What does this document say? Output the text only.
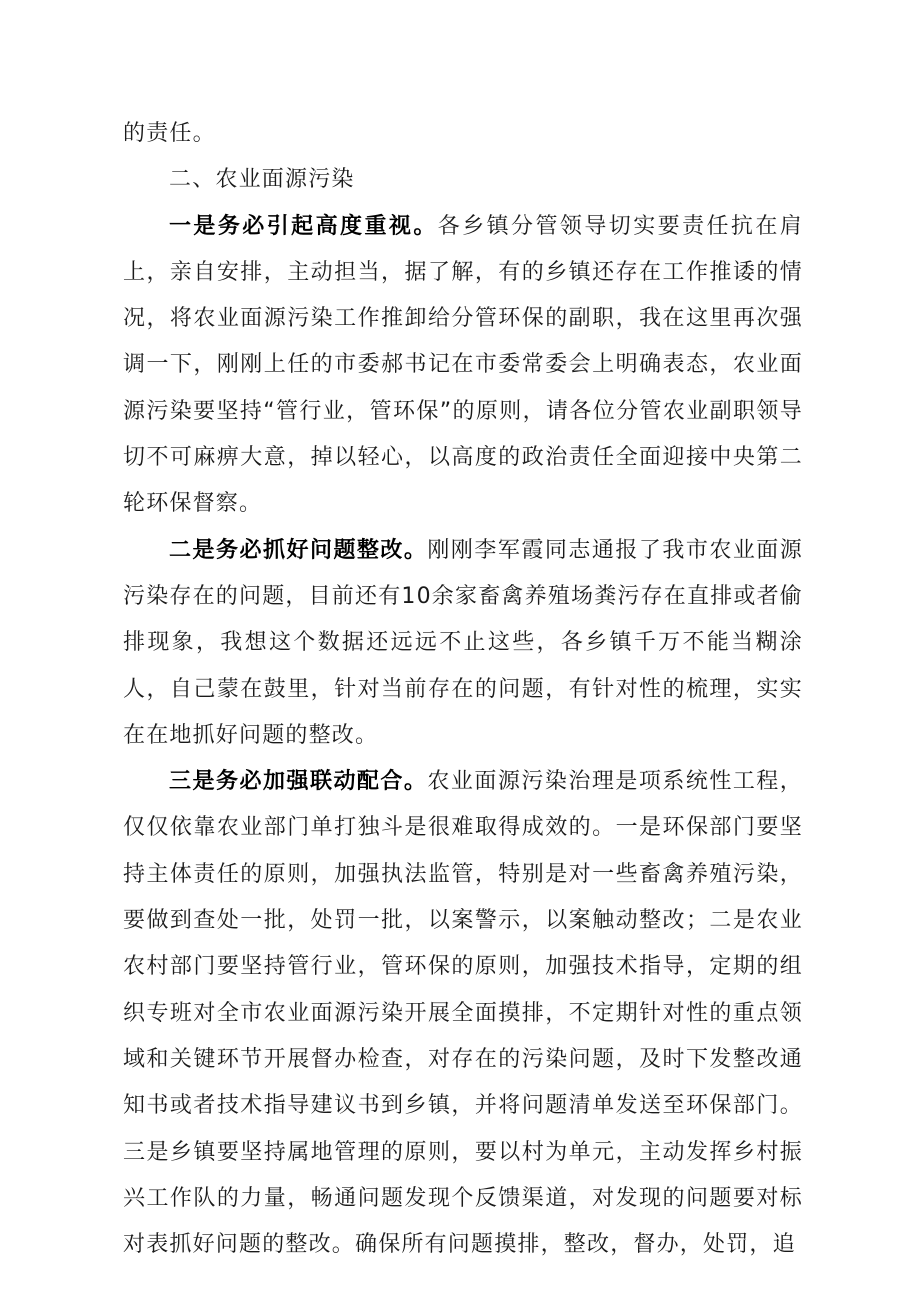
的责任。

二、农业面源污染

一是务必引起高度重视。各乡镇分管领导切实要责任抗在肩上，亲自安排，主动担当，据了解，有的乡镇还存在工作推诿的情况，将农业面源污染工作推卸给分管环保的副职，我在这里再次强调一下，刚刚上任的市委郝书记在市委常委会上明确表态，农业面源污染要坚持“管行业，管环保”的原则，请各位分管农业副职领导切不可麻痹大意，掉以轻心，以高度的政治责任全面迎接中央第二轮环保督察。

二是务必抓好问题整改。刚刚李军霞同志通报了我市农业面源污染存在的问题，目前还有10余家畜禽养殖场粪污存在直排或者偷排现象，我想这个数据还远远不止这些，各乡镇千万不能当糊涂人，自己蒙在鼓里，针对当前存在的问题，有针对性的梳理，实实在在地抓好问题的整改。

三是务必加强联动配合。农业面源污染治理是项系统性工程，仅仅依靠农业部门单打独斗是很难取得成效的。一是环保部门要坚持主体责任的原则，加强执法监管，特别是对一些畜禽养殖污染，要做到查处一批，处罚一批，以案警示，以案触动整改；二是农业农村部门要坚持管行业，管环保的原则，加强技术指导，定期的组织专班对全市农业面源污染开展全面摸排，不定期针对性的重点领域和关键环节开展督办检查，对存在的污染问题，及时下发整改通知书或者技术指导建议书到乡镇，并将问题清单发送至环保部门。三是乡镇要坚持属地管理的原则，要以村为单元，主动发挥乡村振兴工作队的力量，畅通问题发现个反馈渠道，对发现的问题要对标对表抓好问题的整改。确保所有问题摸排，整改，督办，处罚，追
